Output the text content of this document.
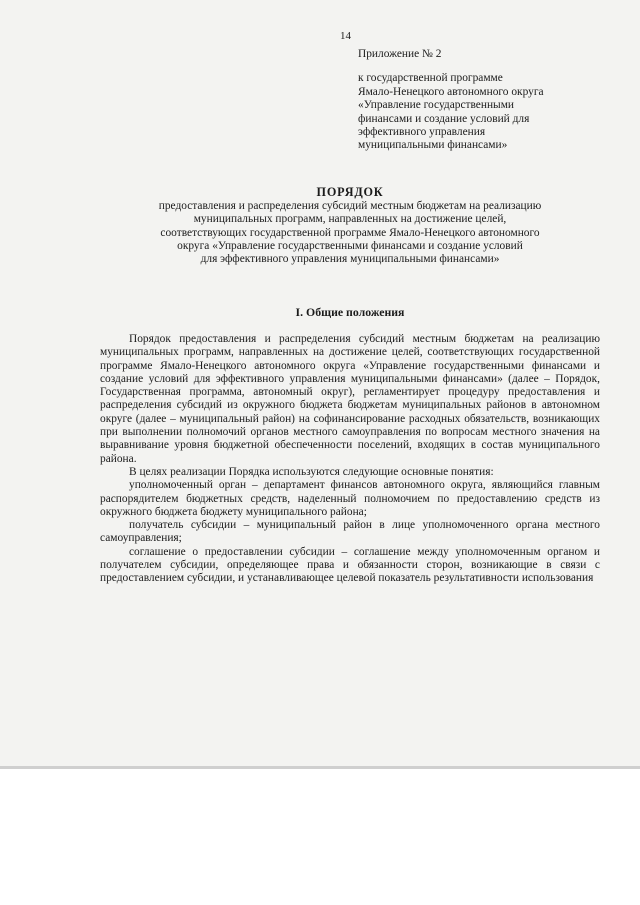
14

Приложение № 2

к государственной программе

Ямало-Ненецкого автономного округа

«Управление государственными

финансами и создание условий для

эффективного управления

муниципальными финансами»

ПОРЯДОК
предоставления и распределения субсидий местным бюджетам на реализацию
муниципальных программ, направленных на достижение целей,
соответствующих государственной программе Ямало-Ненецкого автономного
округа «Управление государственными финансами и создание условий
для эффективного управления муниципальными финансами»
I. Общие положения

Порядок предоставления и распределения субсидий местным бюджетам на реализацию муниципальных программ, направленных на достижение целей, соответствующих государственной программе Ямало-Ненецкого автономного округа «Управление государственными финансами и создание условий для эффективного управления муниципальными финансами» (далее – Порядок, Государственная программа, автономный округ), регламентирует процедуру предоставления и распределения субсидий из окружного бюджета бюджетам муниципальных районов в автономном округе (далее – муниципальный район) на софинансирование расходных обязательств, возникающих при выполнении полномочий органов местного самоуправления по вопросам местного значения на выравнивание уровня бюджетной обеспеченности поселений, входящих в состав муниципального района.

В целях реализации Порядка используются следующие основные понятия:

уполномоченный орган – департамент финансов автономного округа, являющийся главным распорядителем бюджетных средств, наделенный полномочием по предоставлению средств из окружного бюджета бюджету муниципального района;

получатель субсидии – муниципальный район в лице уполномоченного органа местного самоуправления;

соглашение о предоставлении субсидии – соглашение между уполномоченным органом и получателем субсидии, определяющее права и обязанности сторон, возникающие в связи с предоставлением субсидии, и устанавливающее целевой показатель результативности использования
